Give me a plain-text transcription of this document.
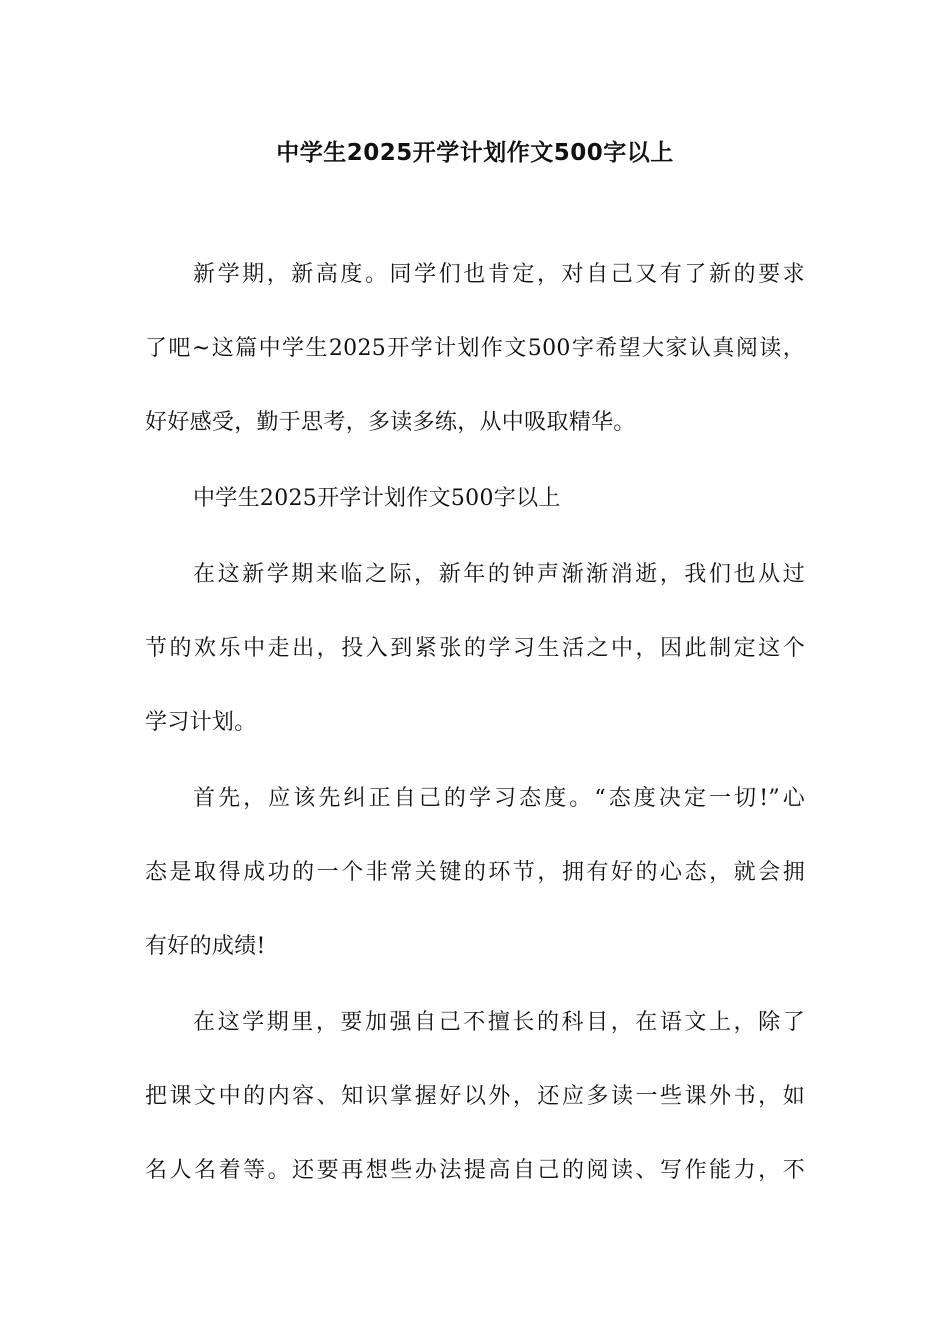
中学生2025开学计划作文500字以上
新学期，新高度。同学们也肯定，对自己又有了新的要求
了吧~这篇中学生2025开学计划作文500字希望大家认真阅读，
好好感受，勤于思考，多读多练，从中吸取精华。
中学生2025开学计划作文500字以上
在这新学期来临之际，新年的钟声渐渐消逝，我们也从过
节的欢乐中走出，投入到紧张的学习生活之中，因此制定这个
学习计划。
首先，应该先纠正自己的学习态度。“态度决定一切!”心
态是取得成功的一个非常关键的环节，拥有好的心态，就会拥
有好的成绩!
在这学期里，要加强自己不擅长的科目，在语文上，除了
把课文中的内容、知识掌握好以外，还应多读一些课外书，如
名人名着等。还要再想些办法提高自己的阅读、写作能力，不
